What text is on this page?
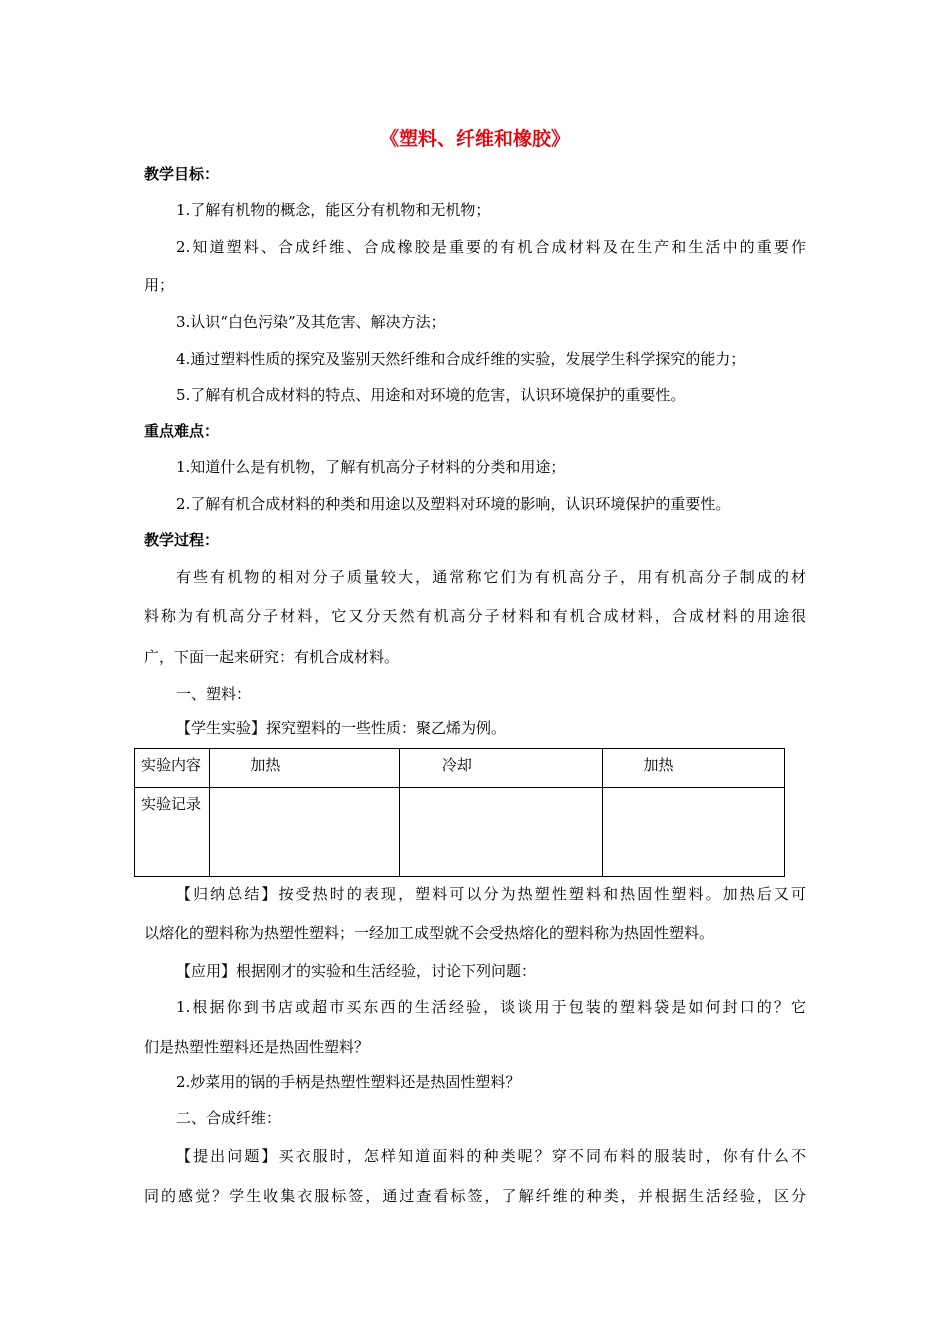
《塑料、纤维和橡胶》
教学目标：
1.了解有机物的概念，能区分有机物和无机物；
2.知道塑料、合成纤维、合成橡胶是重要的有机合成材料及在生产和生活中的重要作
用；
3.认识“白色污染”及其危害、解决方法；
4.通过塑料性质的探究及鉴别天然纤维和合成纤维的实验，发展学生科学探究的能力；
5.了解有机合成材料的特点、用途和对环境的危害，认识环境保护的重要性。
重点难点：
1.知道什么是有机物，了解有机高分子材料的分类和用途；
2.了解有机合成材料的种类和用途以及塑料对环境的影响，认识环境保护的重要性。
教学过程：
有些有机物的相对分子质量较大，通常称它们为有机高分子，用有机高分子制成的材
料称为有机高分子材料，它又分天然有机高分子材料和有机合成材料，合成材料的用途很
广，下面一起来研究：有机合成材料。
一、塑料：
【学生实验】探究塑料的一些性质：聚乙烯为例。
实验内容	加热	冷却	加热
实验记录			
【归纳总结】按受热时的表现，塑料可以分为热塑性塑料和热固性塑料。加热后又可
以熔化的塑料称为热塑性塑料；一经加工成型就不会受热熔化的塑料称为热固性塑料。
【应用】根据刚才的实验和生活经验，讨论下列问题：
1.根据你到书店或超市买东西的生活经验，谈谈用于包装的塑料袋是如何封口的？它
们是热塑性塑料还是热固性塑料？
2.炒菜用的锅的手柄是热塑性塑料还是热固性塑料？
二、合成纤维：
【提出问题】买衣服时，怎样知道面料的种类呢？穿不同布料的服装时，你有什么不
同的感觉？学生收集衣服标签，通过查看标签，了解纤维的种类，并根据生活经验，区分
